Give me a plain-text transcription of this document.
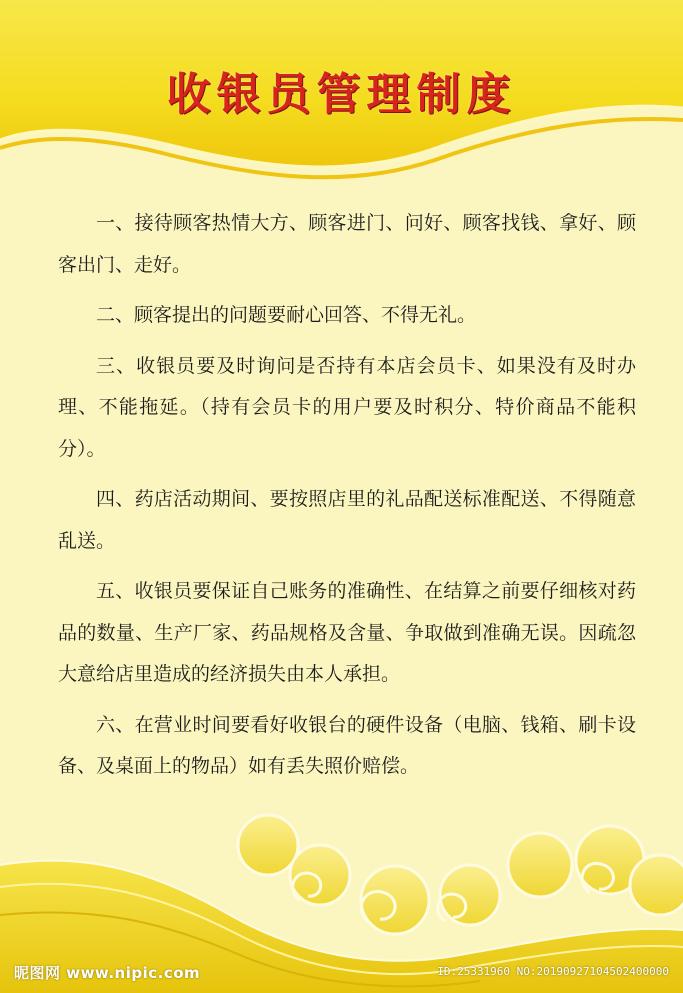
收银员管理制度

一、接待顾客热情大方、顾客进门、问好、顾客找钱、拿好、顾客出门、走好。

二、顾客提出的问题要耐心回答、不得无礼。

三、收银员要及时询问是否持有本店会员卡、如果没有及时办理、不能拖延。（持有会员卡的用户要及时积分、特价商品不能积分）。

四、药店活动期间、要按照店里的礼品配送标准配送、不得随意乱送。

五、收银员要保证自己账务的准确性、在结算之前要仔细核对药品的数量、生产厂家、药品规格及含量、争取做到准确无误。因疏忽大意给店里造成的经济损失由本人承担。

六、在营业时间要看好收银台的硬件设备（电脑、钱箱、刷卡设备、及桌面上的物品）如有丢失照价赔偿。

昵图网 www.nipic.com	ID:25331960 NO:20190927104502400000
